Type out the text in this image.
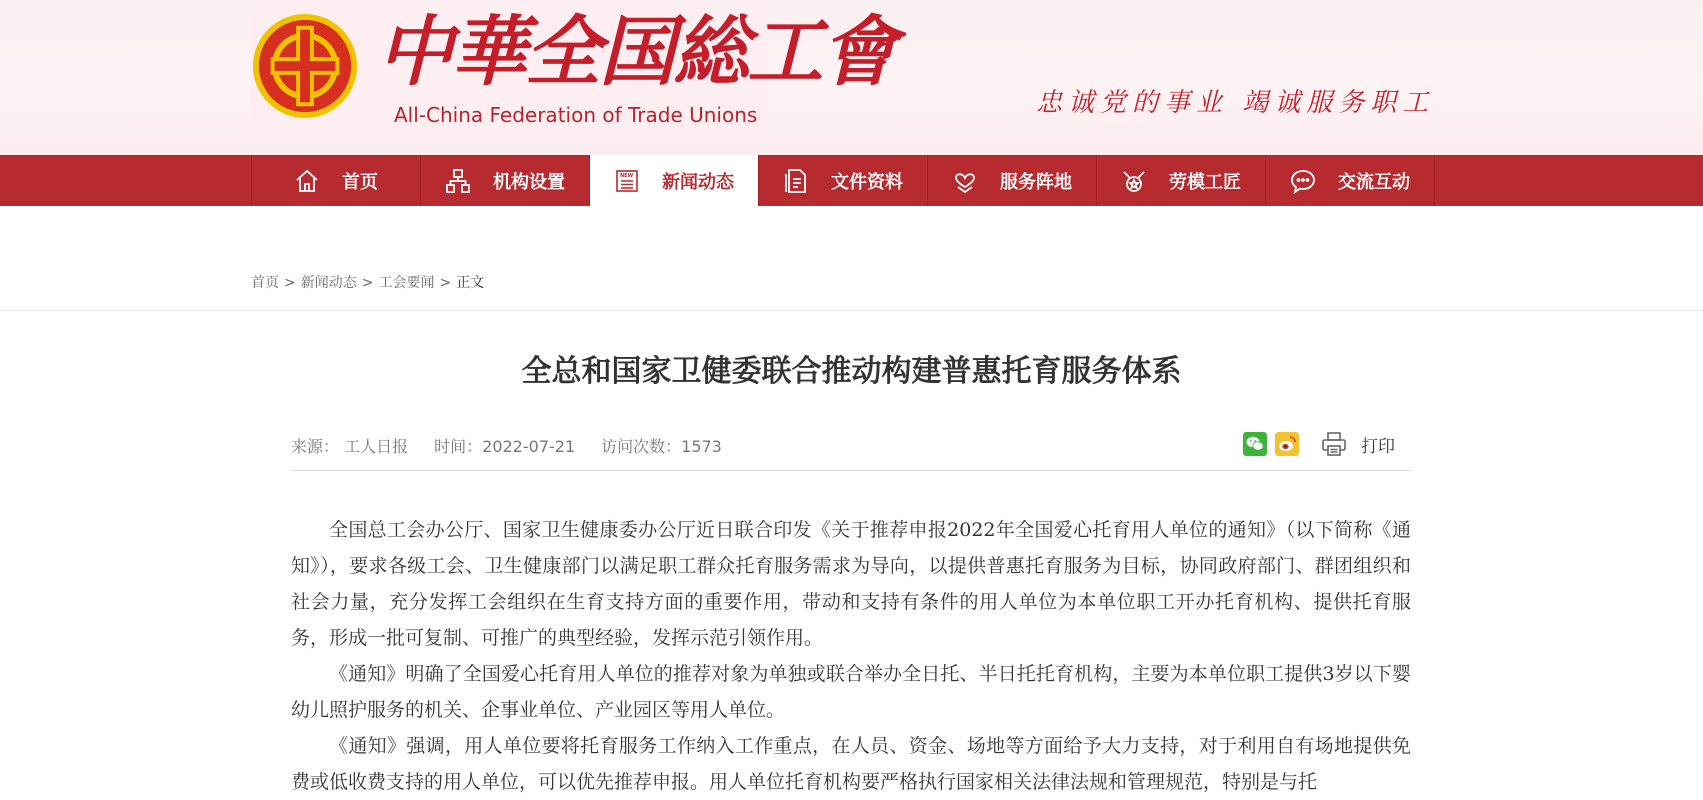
中華全国総工會
All-China Federation of Trade Unions	忠诚党的事业 竭诚服务职工
首页	机构设置	NEW 新闻动态	文件资料	服务阵地	劳模工匠	交流互动
首页 > 新闻动态 > 工会要闻 > 正文
全总和国家卫健委联合推动构建普惠托育服务体系
来源： 工人日报 时间：2022-07-21 访问次数：1573	打印

全国总工会办公厅、国家卫生健康委办公厅近日联合印发《关于推荐申报2022年全国爱心托育用人单位的通知》（以下简称《通知》），要求各级工会、卫生健康部门以满足职工群众托育服务需求为导向，以提供普惠托育服务为目标，协同政府部门、群团组织和社会力量，充分发挥工会组织在生育支持方面的重要作用，带动和支持有条件的用人单位为本单位职工开办托育机构、提供托育服务，形成一批可复制、可推广的典型经验，发挥示范引领作用。

《通知》明确了全国爱心托育用人单位的推荐对象为单独或联合举办全日托、半日托托育机构，主要为本单位职工提供3岁以下婴幼儿照护服务的机关、企事业单位、产业园区等用人单位。

《通知》强调，用人单位要将托育服务工作纳入工作重点，在人员、资金、场地等方面给予大力支持，对于利用自有场地提供免费或低收费支持的用人单位，可以优先推荐申报。用人单位托育机构要严格执行国家相关法律法规和管理规范，特别是与托
